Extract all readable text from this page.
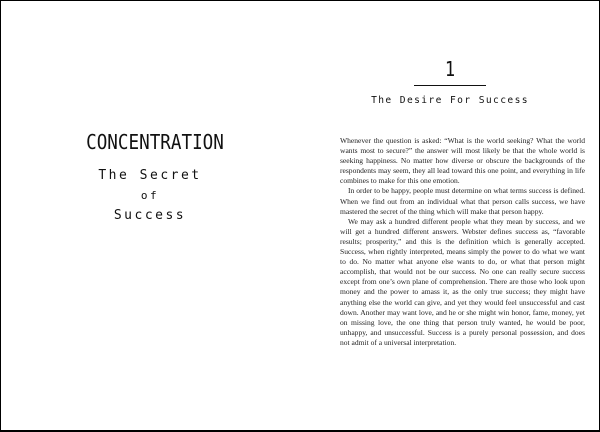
CONCENTRATION
The Secret
of
Success
1
The Desire For Success

Whenever the question is asked: “What is the world seeking? What the world wants most to secure?” the answer will most likely be that the whole world is seeking happiness. No matter how diverse or obscure the backgrounds of the respondents may seem, they all lead toward this one point, and everything in life combines to make for this one emotion.

In order to be happy, people must determine on what terms success is defined. When we find out from an individual what that person calls success, we have mastered the secret of the thing which will make that person happy.

We may ask a hundred different people what they mean by success, and we will get a hundred different answers. Webster defines success as, “favorable results; prosperity,” and this is the definition which is generally accepted. Success, when rightly interpreted, means simply the power to do what we want to do. No matter what anyone else wants to do, or what that person might accomplish, that would not be our success. No one can really secure success except from one’s own plane of comprehension. There are those who look upon money and the power to amass it, as the only true success; they might have anything else the world can give, and yet they would feel unsuccessful and cast down. Another may want love, and he or she might win honor, fame, money, yet on missing love, the one thing that person truly wanted, he would be poor, unhappy, and unsuccessful. Success is a purely personal possession, and does not admit of a universal interpretation.
